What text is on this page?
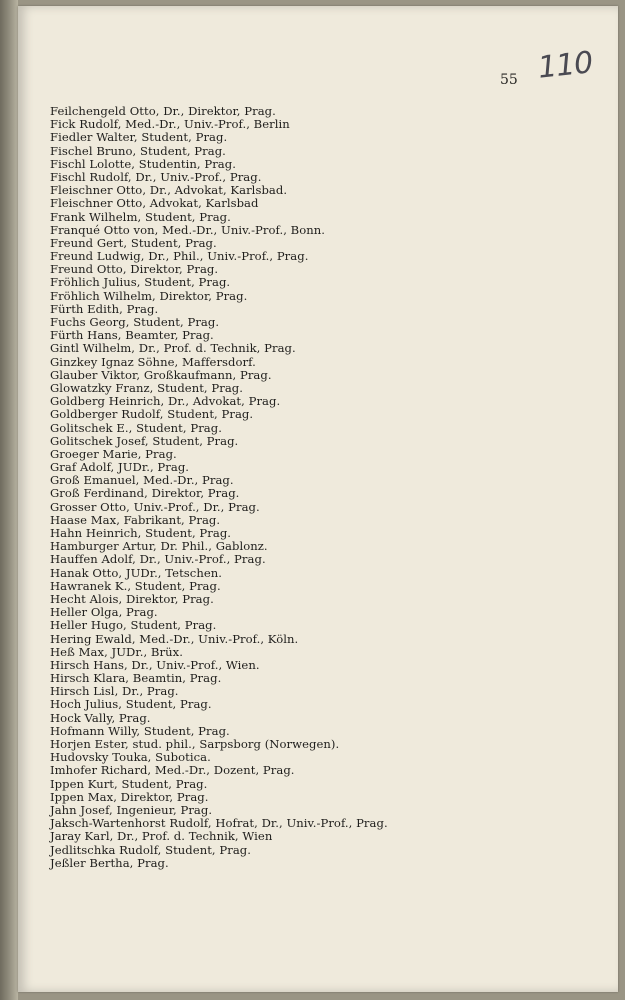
55 110
Feilchengeld Otto, Dr., Direktor, Prag.
Fick Rudolf, Med.-Dr., Univ.-Prof., Berlin
Fiedler Walter, Student, Prag.
Fischel Bruno, Student, Prag.
Fischl Lolotte, Studentin, Prag.
Fischl Rudolf, Dr., Univ.-Prof., Prag.
Fleischner Otto, Dr., Advokat, Karlsbad.
Fleischner Otto, Advokat, Karlsbad
Frank Wilhelm, Student, Prag.
Franqué Otto von, Med.-Dr., Univ.-Prof., Bonn.
Freund Gert, Student, Prag.
Freund Ludwig, Dr., Phil., Univ.-Prof., Prag.
Freund Otto, Direktor, Prag.
Fröhlich Julius, Student, Prag.
Fröhlich Wilhelm, Direktor, Prag.
Fürth Edith, Prag.
Fuchs Georg, Student, Prag.
Fürth Hans, Beamter, Prag.
Gintl Wilhelm, Dr., Prof. d. Technik, Prag.
Ginzkey Ignaz Söhne, Maffersdorf.
Glauber Viktor, Großkaufmann, Prag.
Glowatzky Franz, Student, Prag.
Goldberg Heinrich, Dr., Advokat, Prag.
Goldberger Rudolf, Student, Prag.
Golitschek E., Student, Prag.
Golitschek Josef, Student, Prag.
Groeger Marie, Prag.
Graf Adolf, JUDr., Prag.
Groß Emanuel, Med.-Dr., Prag.
Groß Ferdinand, Direktor, Prag.
Grosser Otto, Univ.-Prof., Dr., Prag.
Haase Max, Fabrikant, Prag.
Hahn Heinrich, Student, Prag.
Hamburger Artur, Dr. Phil., Gablonz.
Hauffen Adolf, Dr., Univ.-Prof., Prag.
Hanak Otto, JUDr., Tetschen.
Hawranek K., Student, Prag.
Hecht Alois, Direktor, Prag.
Heller Olga, Prag.
Heller Hugo, Student, Prag.
Hering Ewald, Med.-Dr., Univ.-Prof., Köln.
Heß Max, JUDr., Brüx.
Hirsch Hans, Dr., Univ.-Prof., Wien.
Hirsch Klara, Beamtin, Prag.
Hirsch Lisl, Dr., Prag.
Hoch Julius, Student, Prag.
Hock Vally, Prag.
Hofmann Willy, Student, Prag.
Horjen Ester, stud. phil., Sarpsborg (Norwegen).
Hudovsky Touka, Subotica.
Imhofer Richard, Med.-Dr., Dozent, Prag.
Ippen Kurt, Student, Prag.
Ippen Max, Direktor, Prag.
Jahn Josef, Ingenieur, Prag.
Jaksch-Wartenhorst Rudolf, Hofrat, Dr., Univ.-Prof., Prag.
Jaray Karl, Dr., Prof. d. Technik, Wien
Jedlitschka Rudolf, Student, Prag.
Jeßler Bertha, Prag.
